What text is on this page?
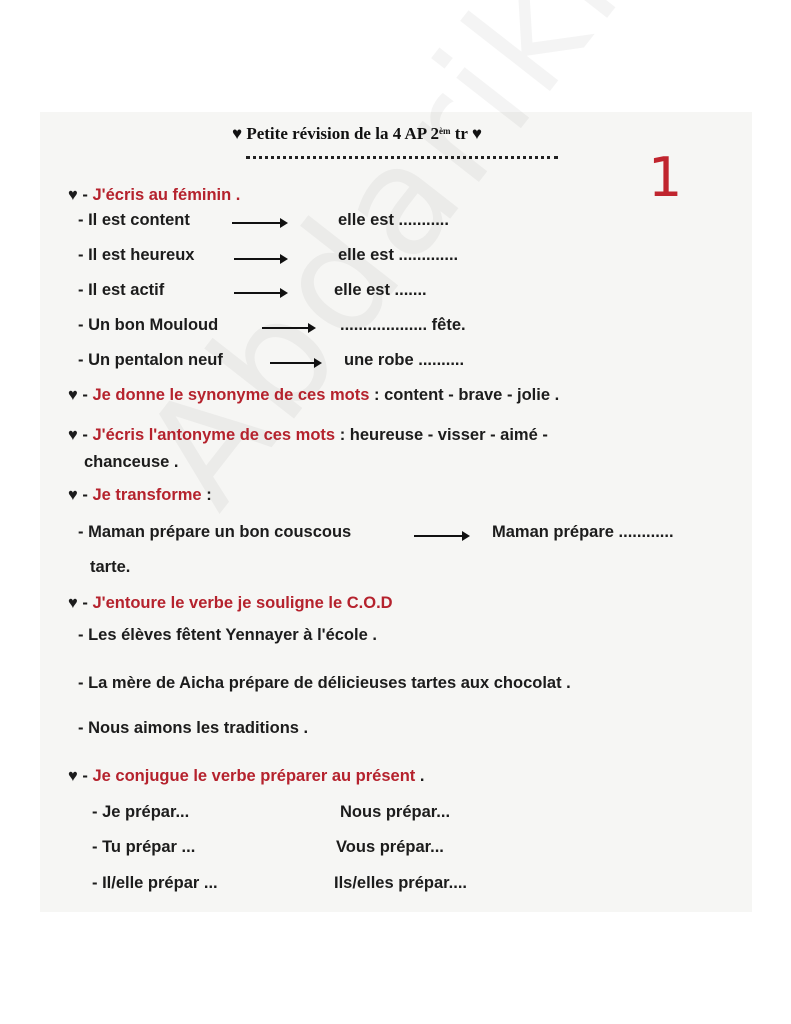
♥ Petite révision de la 4 AP $2^{èm}$ tr ♥
1
♥ - J'écris au féminin .
- Il est content	elle est ...........
- Il est heureux	elle est .............
- Il est actif	elle est .......
- Un bon Mouloud	................... fête.
- Un pentalon neuf	une robe ..........
♥ - Je donne le synonyme de ces mots : content - brave - jolie .
♥ - J'écris l'antonyme de ces mots : heureuse - visser - aimé -
chanceuse .
♥ - Je transforme :
- Maman prépare un bon couscous	Maman prépare ............
tarte.
♥ - J'entoure le verbe je souligne le C.O.D
- Les élèves fêtent Yennayer à l'école .
- La mère de Aicha prépare de délicieuses tartes aux chocolat .
- Nous aimons les traditions .
♥ - Je conjugue le verbe préparer au présent .
- Je prépar...	Nous prépar...
- Tu prépar ...	Vous prépar...
- Il/elle prépar ...	Ils/elles prépar....
